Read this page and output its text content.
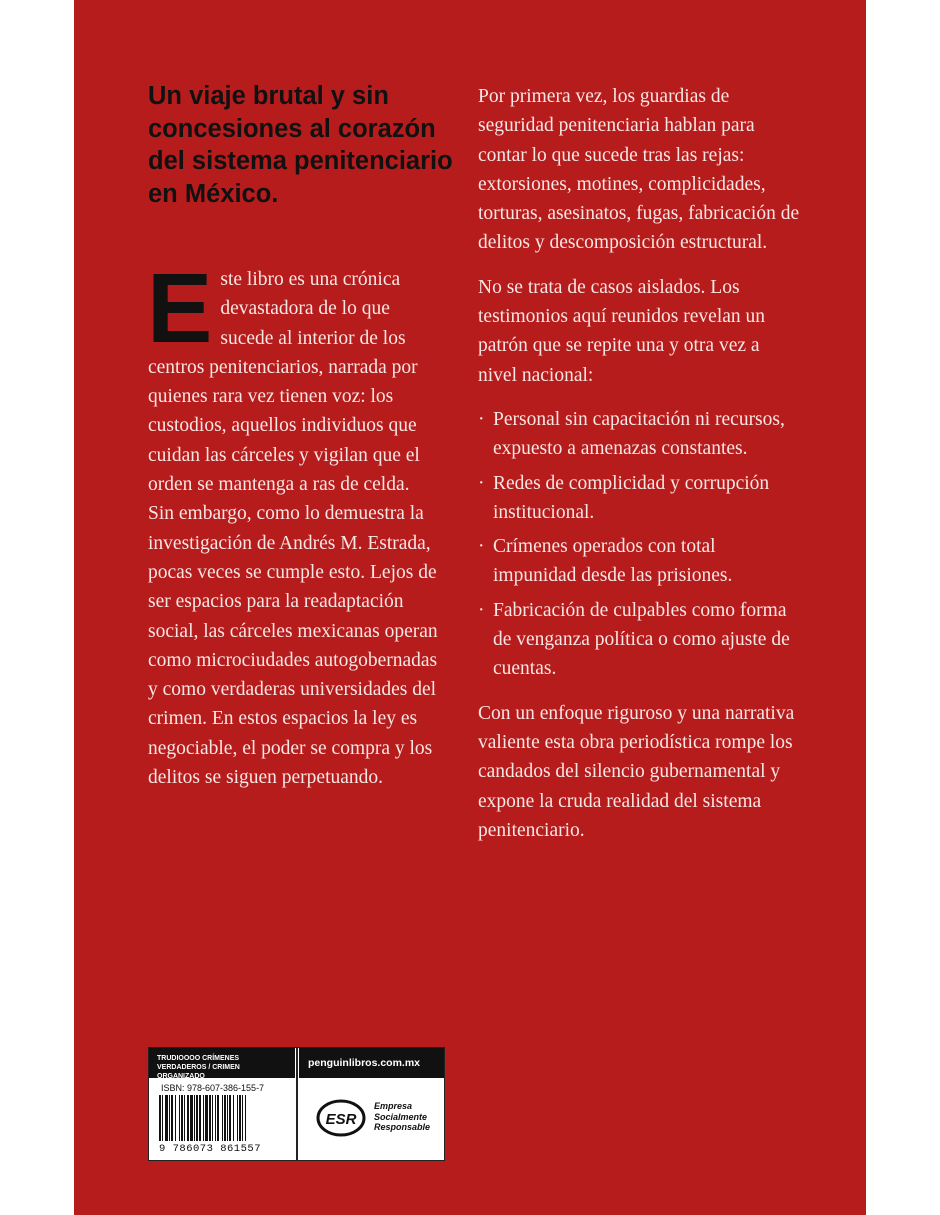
Un viaje brutal y sin concesiones al corazón del sistema penitenciario en México.
E ste libro es una crónica devastadora de lo que sucede al interior de los centros penitenciarios, narrada por quienes rara vez tienen voz: los custodios, aquellos individuos que cuidan las cárceles y vigilan que el orden se mantenga a ras de celda. Sin embargo, como lo demuestra la investigación de Andrés M. Estrada, pocas veces se cumple esto. Lejos de ser espacios para la readaptación social, las cárceles mexicanas operan como microciudades autogobernadas y como verdaderas universidades del crimen. En estos espacios la ley es negociable, el poder se compra y los delitos se siguen perpetuando.

Por primera vez, los guardias de seguridad penitenciaria hablan para contar lo que sucede tras las rejas: extorsiones, motines, complicidades, torturas, asesinatos, fugas, fabricación de delitos y descomposición estructural.

No se trata de casos aislados. Los testimonios aquí reunidos revelan un patrón que se repite una y otra vez a nivel nacional:

· Personal sin capacitación ni recursos, expuesto a amenazas constantes.
· Redes de complicidad y corrupción institucional.
· Crímenes operados con total impunidad desde las prisiones.
· Fabricación de culpables como forma de venganza política o como ajuste de cuentas.

Con un enfoque riguroso y una narrativa valiente esta obra periodística rompe los candados del silencio gubernamental y expone la cruda realidad del sistema penitenciario.

TRUDIOOOO CRÍMENES VERDADEROS / CRIMEN ORGANIZADO
penguinlibros.com.mx

ISBN: 978-607-386-155-7

9 786073 861557

ESR
Empresa
Socialmente
Responsable
